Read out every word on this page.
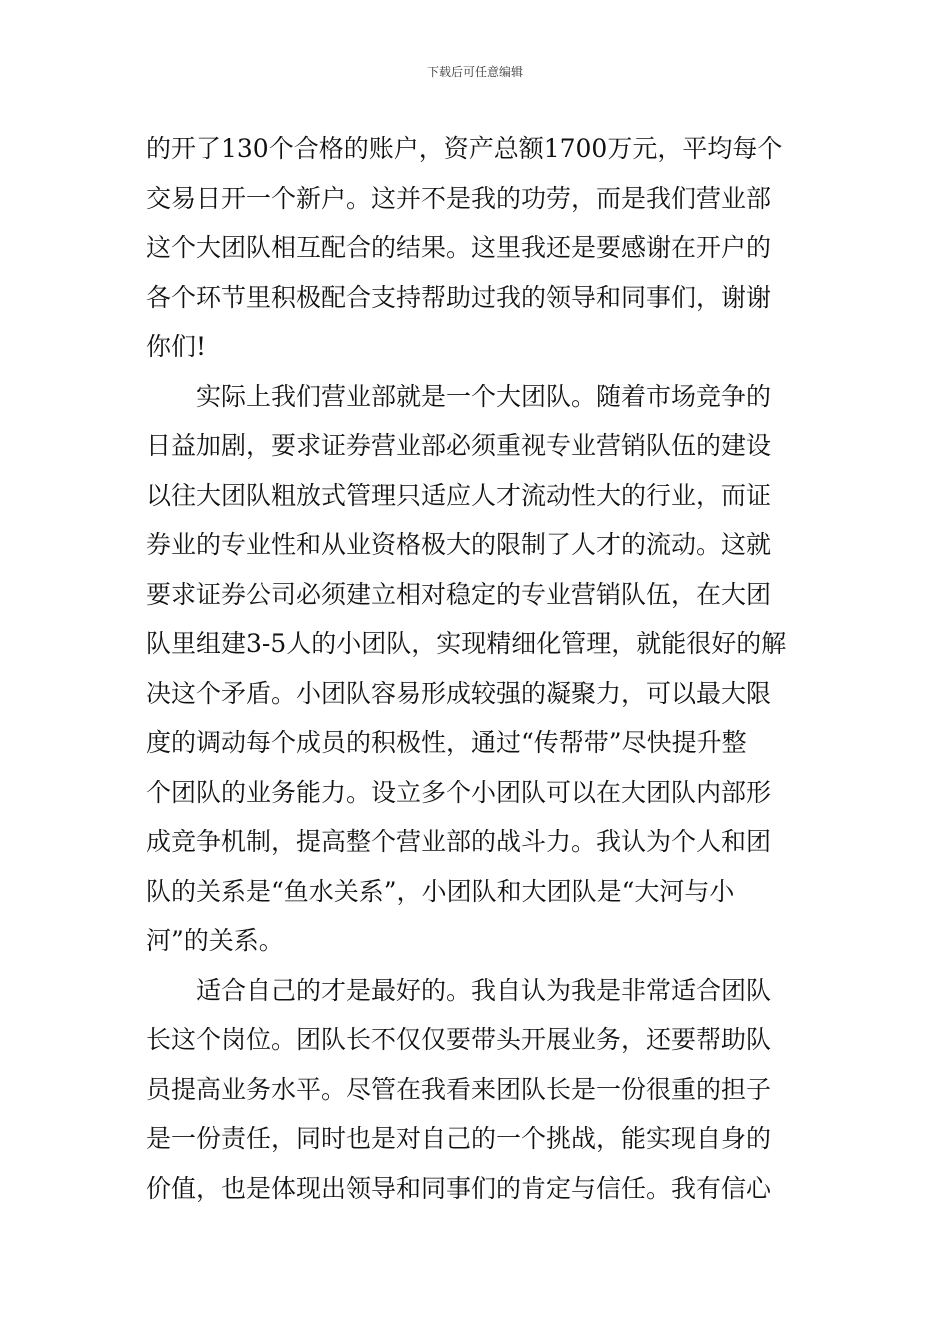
下载后可任意编辑
的开了130个合格的账户，资产总额1700万元，平均每个
交易日开一个新户。这并不是我的功劳，而是我们营业部
这个大团队相互配合的结果。这里我还是要感谢在开户的
各个环节里积极配合支持帮助过我的领导和同事们，谢谢
你们!
实际上我们营业部就是一个大团队。随着市场竞争的
日益加剧，要求证券营业部必须重视专业营销队伍的建设
以往大团队粗放式管理只适应人才流动性大的行业，而证
券业的专业性和从业资格极大的限制了人才的流动。这就
要求证券公司必须建立相对稳定的专业营销队伍，在大团
队里组建3-5人的小团队，实现精细化管理，就能很好的解
决这个矛盾。小团队容易形成较强的凝聚力，可以最大限
度的调动每个成员的积极性，通过“传帮带”尽快提升整
个团队的业务能力。设立多个小团队可以在大团队内部形
成竞争机制，提高整个营业部的战斗力。我认为个人和团
队的关系是“鱼水关系”，小团队和大团队是“大河与小
河”的关系。
适合自己的才是最好的。我自认为我是非常适合团队
长这个岗位。团队长不仅仅要带头开展业务，还要帮助队
员提高业务水平。尽管在我看来团队长是一份很重的担子
是一份责任，同时也是对自己的一个挑战，能实现自身的
价值，也是体现出领导和同事们的肯定与信任。我有信心
